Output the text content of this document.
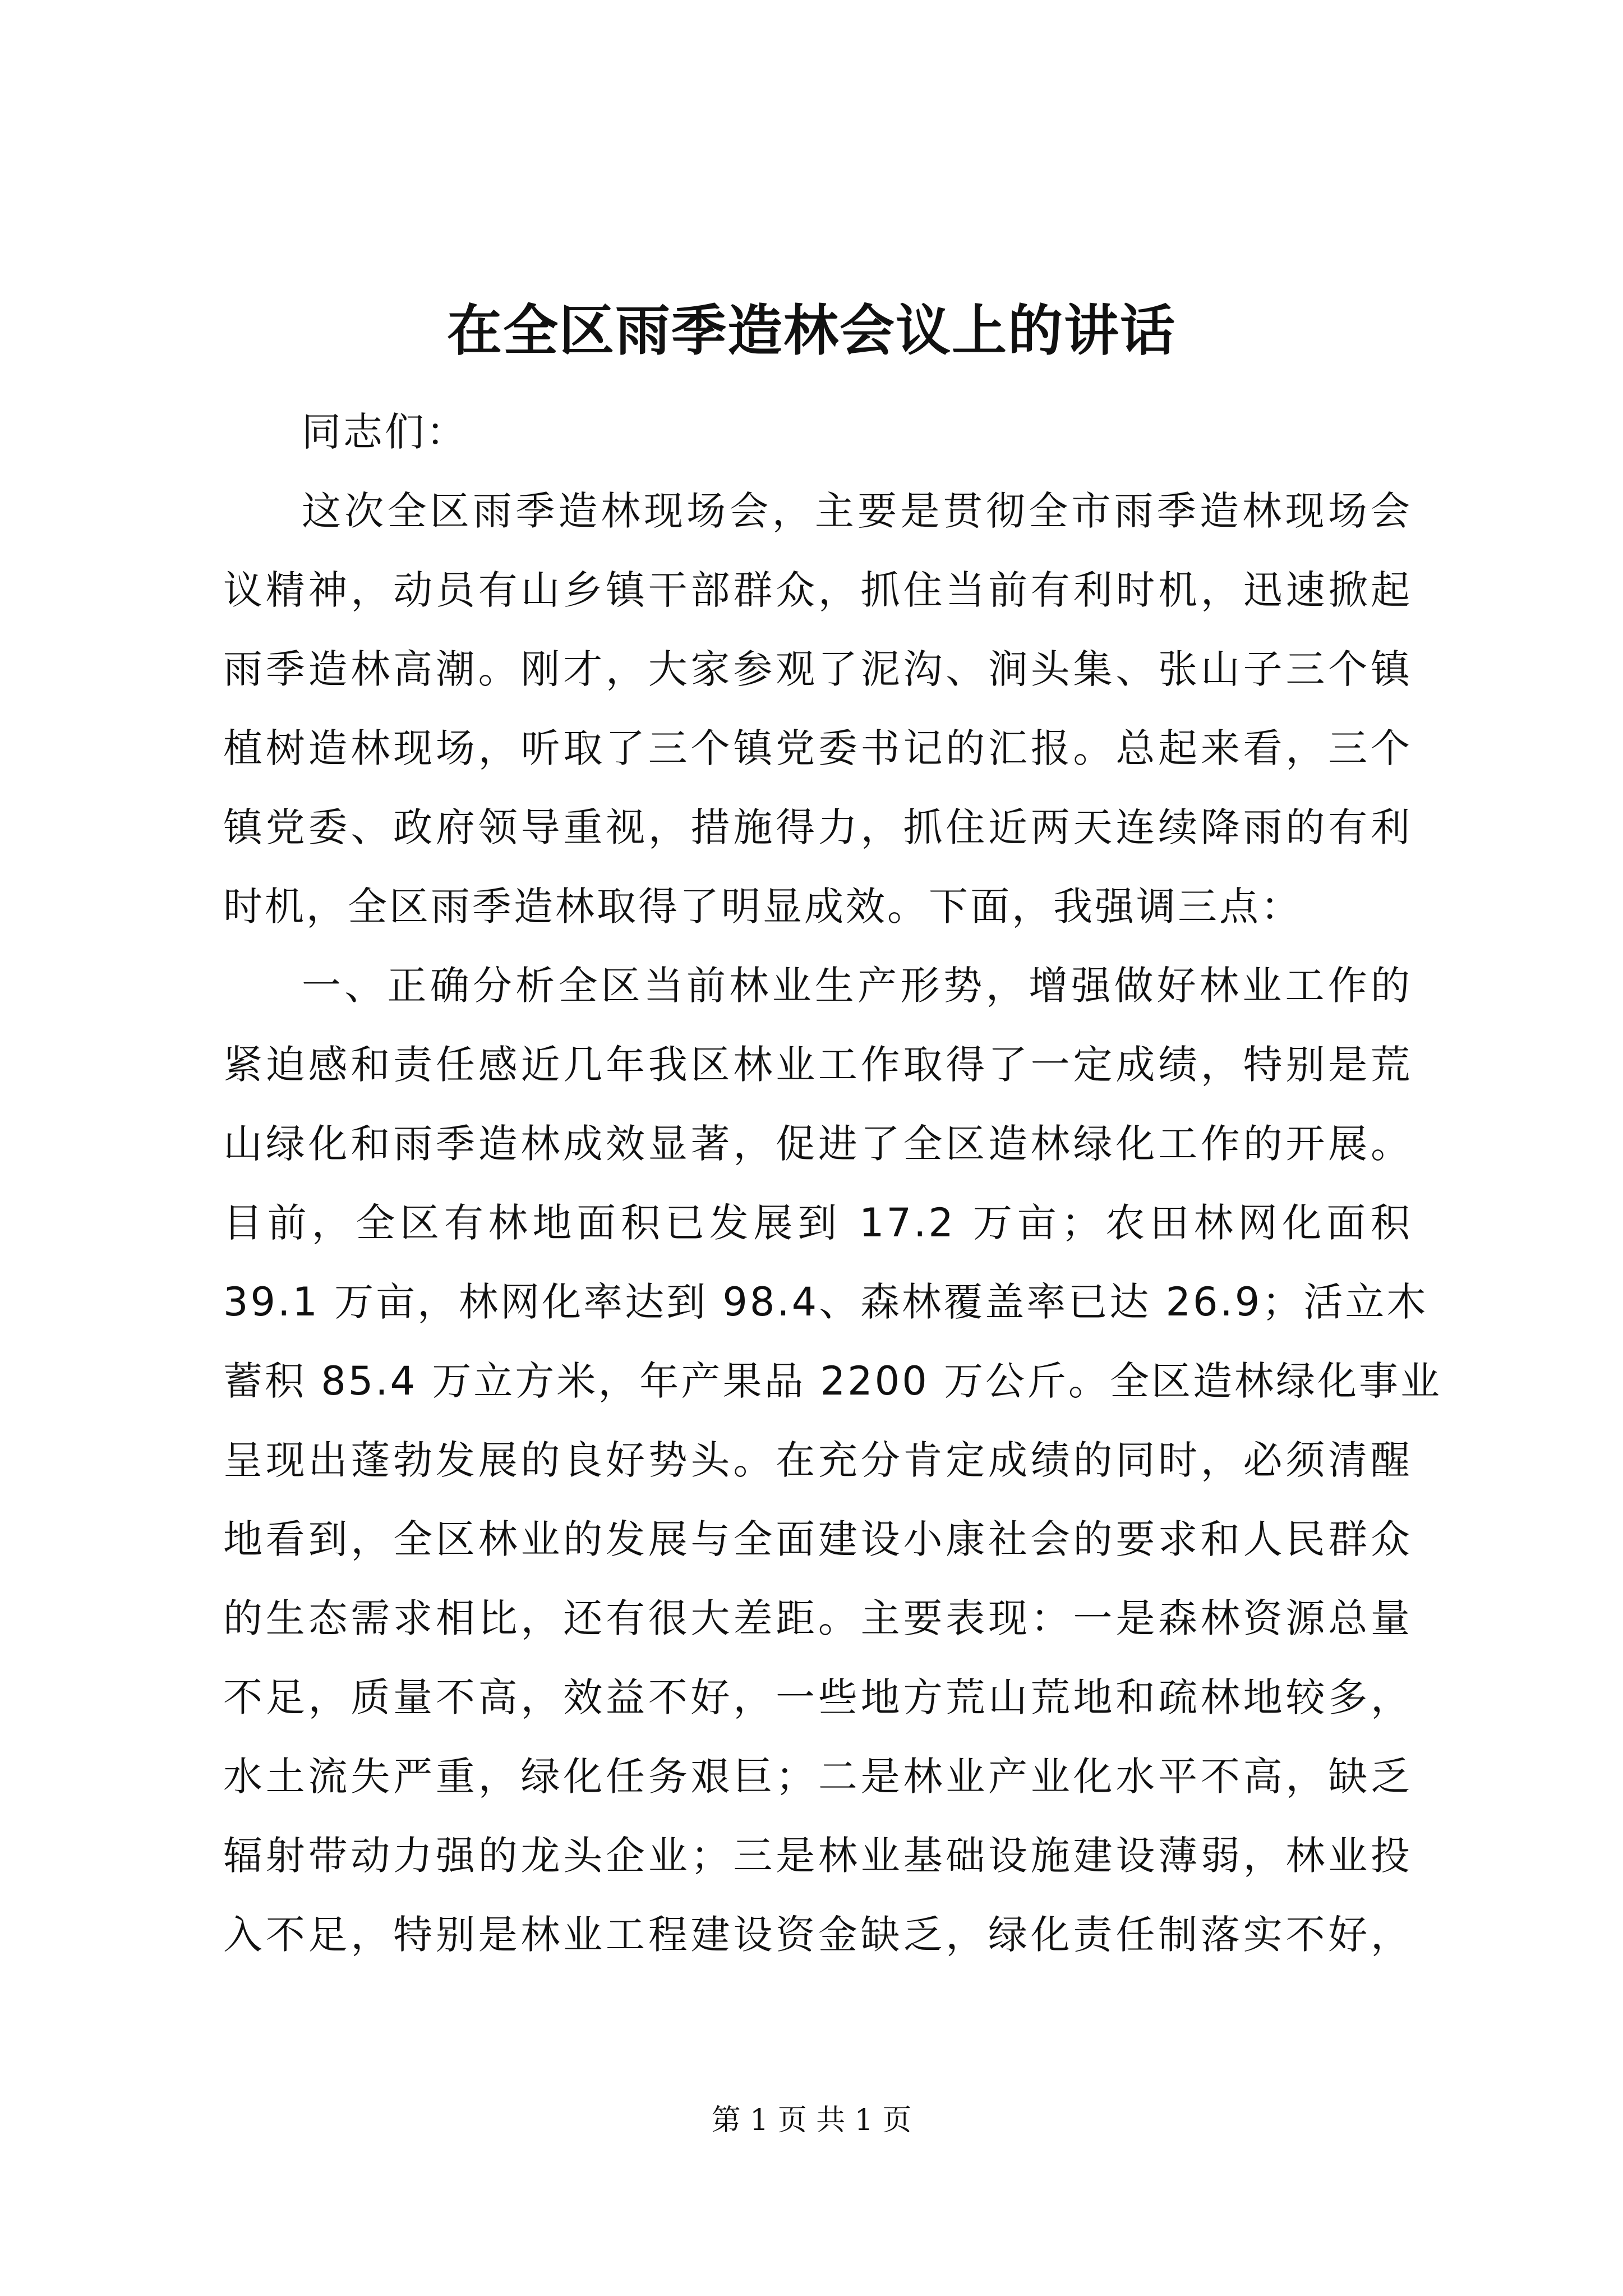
在全区雨季造林会议上的讲话
同志们：
这次全区雨季造林现场会，主要是贯彻全市雨季造林现场会
议精神，动员有山乡镇干部群众，抓住当前有利时机，迅速掀起
雨季造林高潮。刚才，大家参观了泥沟、涧头集、张山子三个镇
植树造林现场，听取了三个镇党委书记的汇报。总起来看，三个
镇党委、政府领导重视，措施得力，抓住近两天连续降雨的有利
时机，全区雨季造林取得了明显成效。下面，我强调三点：
一、正确分析全区当前林业生产形势，增强做好林业工作的
紧迫感和责任感近几年我区林业工作取得了一定成绩，特别是荒
山绿化和雨季造林成效显著，促进了全区造林绿化工作的开展。
目前，全区有林地面积已发展到 17.2 万亩；农田林网化面积
39.1 万亩，林网化率达到 98.4、森林覆盖率已达 26.9；活立木
蓄积 85.4 万立方米，年产果品 2200 万公斤。全区造林绿化事业
呈现出蓬勃发展的良好势头。在充分肯定成绩的同时，必须清醒
地看到，全区林业的发展与全面建设小康社会的要求和人民群众
的生态需求相比，还有很大差距。主要表现：一是森林资源总量
不足，质量不高，效益不好，一些地方荒山荒地和疏林地较多，
水土流失严重，绿化任务艰巨；二是林业产业化水平不高，缺乏
辐射带动力强的龙头企业；三是林业基础设施建设薄弱，林业投
入不足，特别是林业工程建设资金缺乏，绿化责任制落实不好，
第 1 页 共 1 页
